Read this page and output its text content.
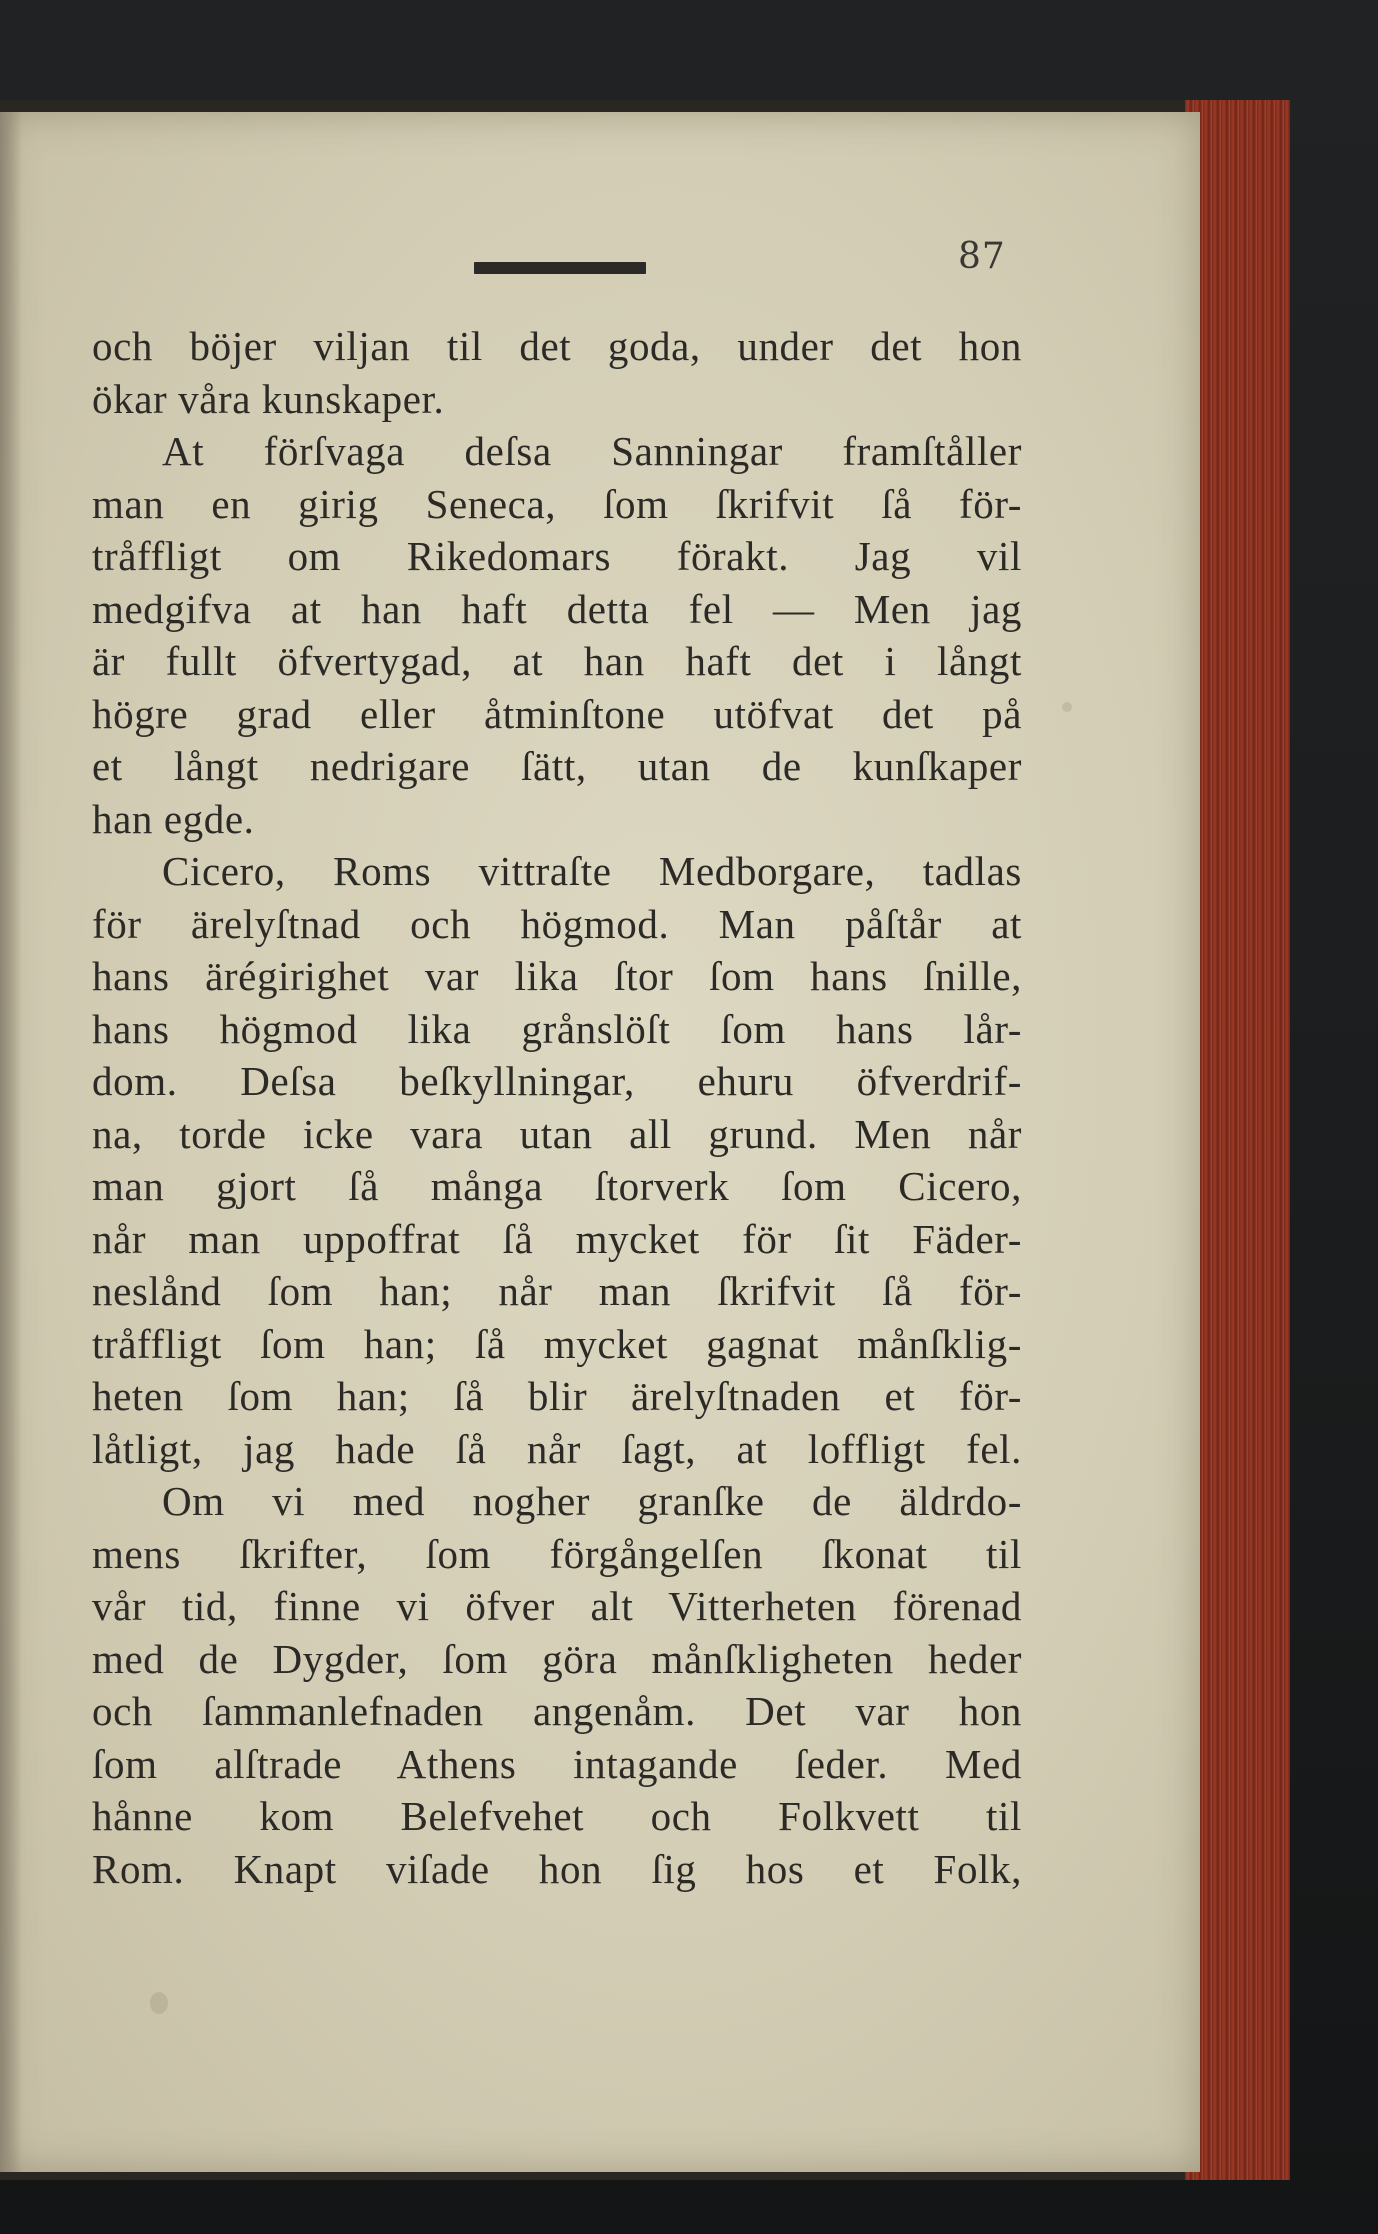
87
och böjer viljan til det goda, under det hon
ökar våra kunskaper.
At förſvaga deſsa Sanningar framſtåller
man en girig Seneca, ſom ſkrifvit ſå för-
tråffligt om Rikedomars förakt. Jag vil
medgifva at han haft detta fel — Men jag
är fullt öfvertygad, at han haft det i långt
högre grad eller åtminſtone utöfvat det på
et långt nedrigare ſätt, utan de kunſkaper
han egde.
Cicero, Roms vittraſte Medborgare, tadlas
för ärelyſtnad och högmod. Man påſtår at
hans ärégirighet var lika ſtor ſom hans ſnille,
hans högmod lika grånslöſt ſom hans lår-
dom. Deſsa beſkyllningar, ehuru öfverdrif-
na, torde icke vara utan all grund. Men når
man gjort ſå många ſtorverk ſom Cicero,
når man uppoffrat ſå mycket för ſit Fäder-
neslånd ſom han; når man ſkrifvit ſå för-
tråffligt ſom han; ſå mycket gagnat månſklig-
heten ſom han; ſå blir ärelyſtnaden et för-
låtligt, jag hade ſå når ſagt, at loffligt fel.
Om vi med nogher granſke de äldrdo-
mens ſkrifter, ſom förgångelſen ſkonat til
vår tid, finne vi öfver alt Vitterheten förenad
med de Dygder, ſom göra månſkligheten heder
och ſammanlefnaden angenåm. Det var hon
ſom alſtrade Athens intagande ſeder. Med
hånne kom Belefvehet och Folkvett til
Rom. Knapt viſade hon ſig hos et Folk,
